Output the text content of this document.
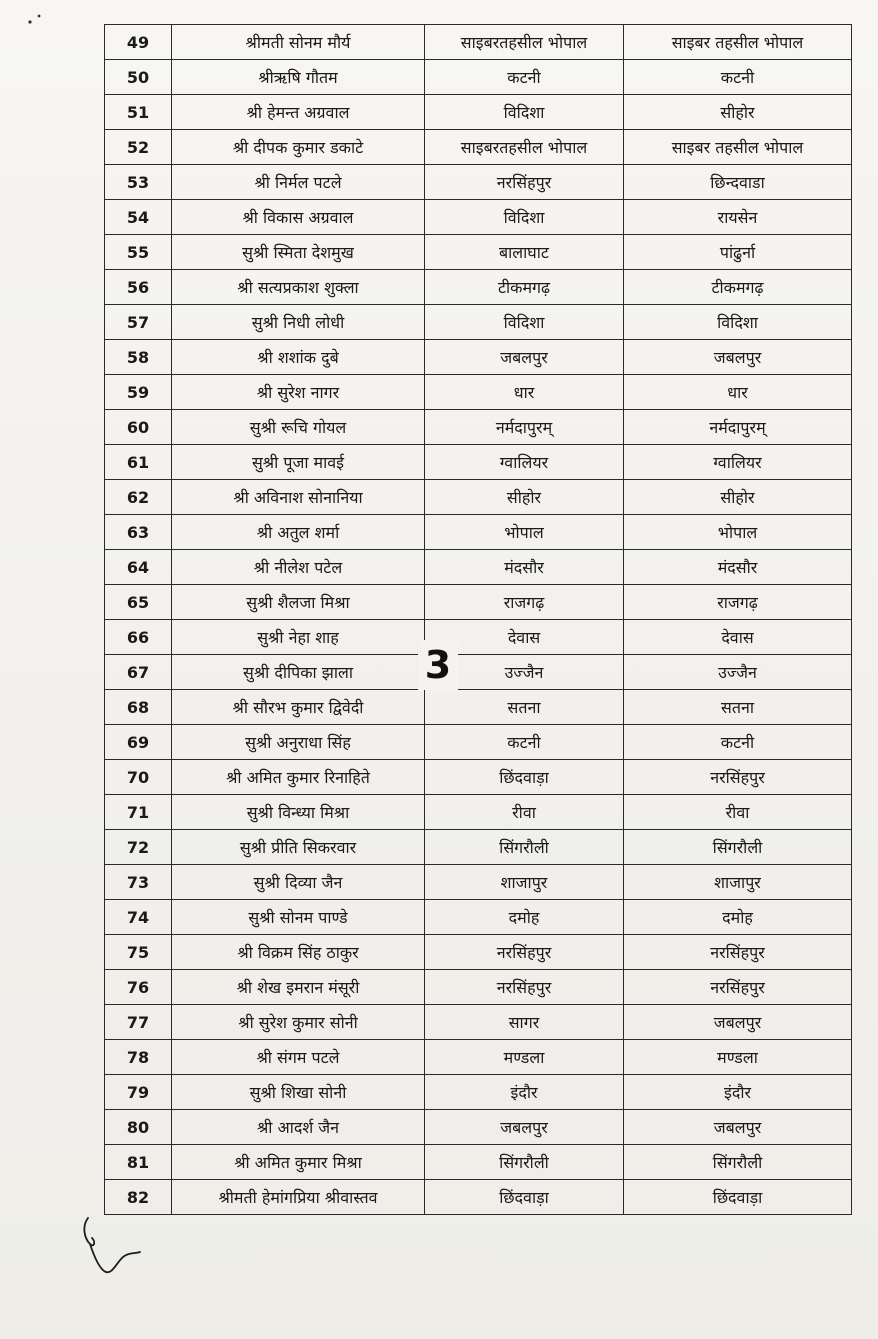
49	श्रीमती सोनम मौर्य	साइबरतहसील भोपाल	साइबर तहसील भोपाल
50	श्रीऋषि गौतम	कटनी	कटनी
51	श्री हेमन्त अग्रवाल	विदिशा	सीहोर
52	श्री दीपक कुमार डकाटे	साइबरतहसील भोपाल	साइबर तहसील भोपाल
53	श्री निर्मल पटले	नरसिंहपुर	छिन्दवाडा
54	श्री विकास अग्रवाल	विदिशा	रायसेन
55	सुश्री स्मिता देशमुख	बालाघाट	पांढुर्ना
56	श्री सत्यप्रकाश शुक्ला	टीकमगढ़	टीकमगढ़
57	सुश्री निधी लोधी	विदिशा	विदिशा
58	श्री शशांक दुबे	जबलपुर	जबलपुर
59	श्री सुरेश नागर	धार	धार
60	सुश्री रूचि गोयल	नर्मदापुरम्	नर्मदापुरम्
61	सुश्री पूजा मावई	ग्वालियर	ग्वालियर
62	श्री अविनाश सोनानिया	सीहोर	सीहोर
63	श्री अतुल शर्मा	भोपाल	भोपाल
64	श्री नीलेश पटेल	मंदसौर	मंदसौर
65	सुश्री शैलजा मिश्रा	राजगढ़	राजगढ़
66	सुश्री नेहा शाह	देवास	देवास
67	सुश्री दीपिका झाला	उज्जैन	उज्जैन
68	श्री सौरभ कुमार द्विवेदी	सतना	सतना
69	सुश्री अनुराधा सिंह	कटनी	कटनी
70	श्री अमित कुमार रिनाहिते	छिंदवाड़ा	नरसिंहपुर
71	सुश्री विन्ध्या मिश्रा	रीवा	रीवा
72	सुश्री प्रीति सिकरवार	सिंगरौली	सिंगरौली
73	सुश्री दिव्या जैन	शाजापुर	शाजापुर
74	सुश्री सोनम पाण्डे	दमोह	दमोह
75	श्री विक्रम सिंह ठाकुर	नरसिंहपुर	नरसिंहपुर
76	श्री शेख इमरान मंसूरी	नरसिंहपुर	नरसिंहपुर
77	श्री सुरेश कुमार सोनी	सागर	जबलपुर
78	श्री संगम पटले	मण्डला	मण्डला
79	सुश्री शिखा सोनी	इंदौर	इंदौर
80	श्री आदर्श जैन	जबलपुर	जबलपुर
81	श्री अमित कुमार मिश्रा	सिंगरौली	सिंगरौली
82	श्रीमती हेमांगप्रिया श्रीवास्तव	छिंदवाड़ा	छिंदवाड़ा
3
